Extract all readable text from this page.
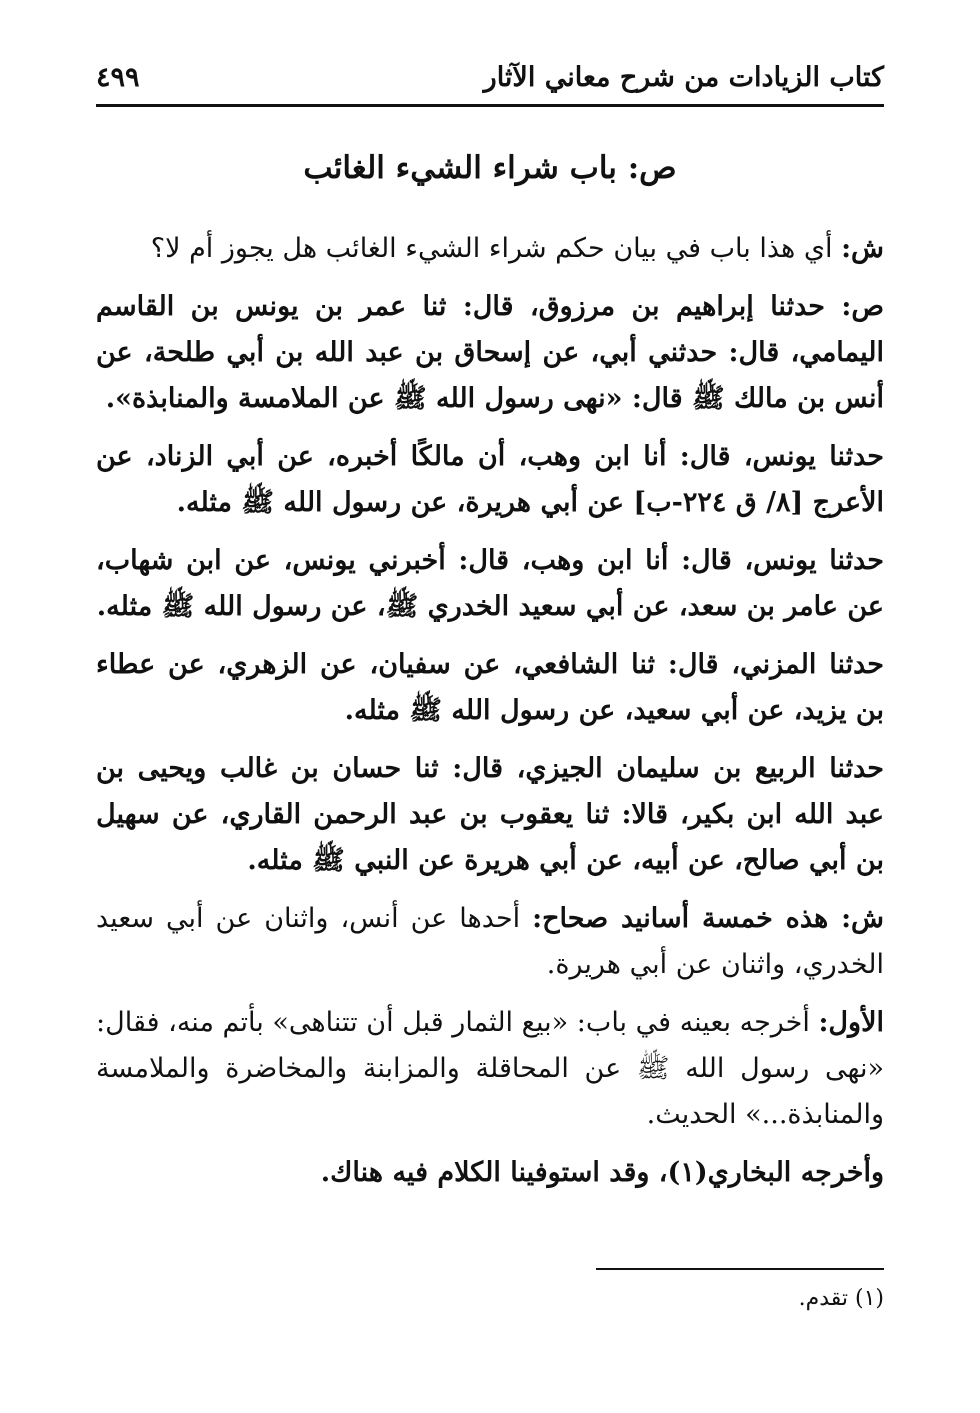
كتاب الزيادات من شرح معاني الآثار
٤٩٩
ص: باب شراء الشيء الغائب

ش: أي هذا باب في بيان حكم شراء الشيء الغائب هل يجوز أم لا؟

ص: حدثنا إبراهيم بن مرزوق، قال: ثنا عمر بن يونس بن القاسم اليمامي، قال: حدثني أبي، عن إسحاق بن عبد الله بن أبي طلحة، عن أنس بن مالك ﷺ قال: «نهى رسول الله ﷺ عن الملامسة والمنابذة».

حدثنا يونس، قال: أنا ابن وهب، أن مالكًا أخبره، عن أبي الزناد، عن الأعرج [٨/ ق ٢٢٤-ب] عن أبي هريرة، عن رسول الله ﷺ مثله.

حدثنا يونس، قال: أنا ابن وهب، قال: أخبرني يونس، عن ابن شهاب، عن عامر بن سعد، عن أبي سعيد الخدري ﷺ، عن رسول الله ﷺ مثله.

حدثنا المزني، قال: ثنا الشافعي، عن سفيان، عن الزهري، عن عطاء بن يزيد، عن أبي سعيد، عن رسول الله ﷺ مثله.

حدثنا الربيع بن سليمان الجيزي، قال: ثنا حسان بن غالب ويحيى بن عبد الله ابن بكير، قالا: ثنا يعقوب بن عبد الرحمن القاري، عن سهيل بن أبي صالح، عن أبيه، عن أبي هريرة عن النبي ﷺ مثله.

ش: هذه خمسة أسانيد صحاح: أحدها عن أنس، واثنان عن أبي سعيد الخدري، واثنان عن أبي هريرة.

الأول: أخرجه بعينه في باب: «بيع الثمار قبل أن تتناهى» بأتم منه، فقال: «نهى رسول الله ﷺ عن المحاقلة والمزابنة والمخاضرة والملامسة والمنابذة...» الحديث.

وأخرجه البخاري(١)، وقد استوفينا الكلام فيه هناك.

(١) تقدم.
